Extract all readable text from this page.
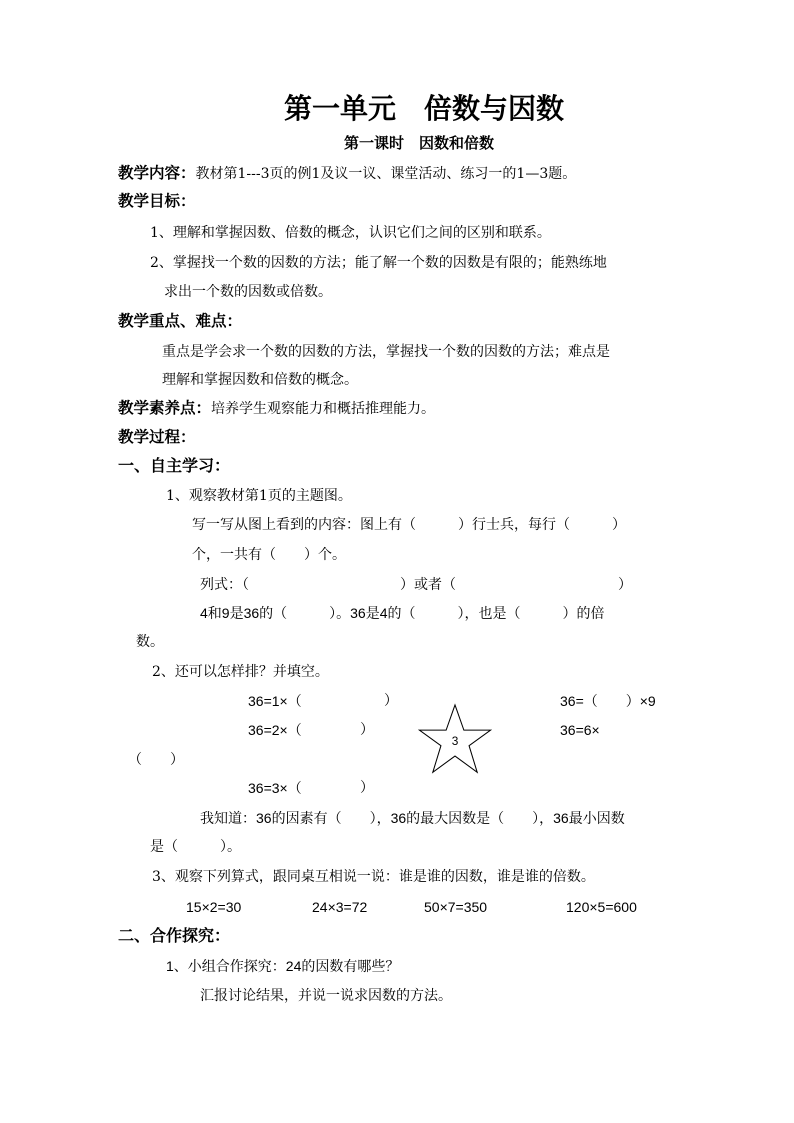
第一单元　倍数与因数
第一课时　因数和倍数
教学内容：教材第1---3页的例1及议一议、课堂活动、练习一的1—3题。
教学目标：
1、理解和掌握因数、倍数的概念，认识它们之间的区别和联系。
2、掌握找一个数的因数的方法；能了解一个数的因数是有限的；能熟练地
求出一个数的因数或倍数。
教学重点、难点：
重点是学会求一个数的因数的方法，掌握找一个数的因数的方法；难点是
理解和掌握因数和倍数的概念。
教学素养点：培养学生观察能力和概括推理能力。
教学过程：
一、自主学习：
1、观察教材第1页的主题图。
写一写从图上看到的内容：图上有（　　　）行士兵，每行（　　　）
个，一共有（　　）个。
列式：（	）或者（	）
4和9是36的（　　　）。36是4的（　　　），也是（　　　）的倍
数。
2、还可以怎样排？并填空。
36=1×（	）	36=（　　）×9
36=2×（	）	36=6×
（　　）
3
36=3×（	）
我知道：36的因素有（　　），36的最大因数是（　　），36最小因数
是（　　　）。
3、观察下列算式，跟同桌互相说一说：谁是谁的因数，谁是谁的倍数。
15×2=30	24×3=72	50×7=350	120×5=600
二、合作探究：
1、小组合作探究：24的因数有哪些？
汇报讨论结果，并说一说求因数的方法。
